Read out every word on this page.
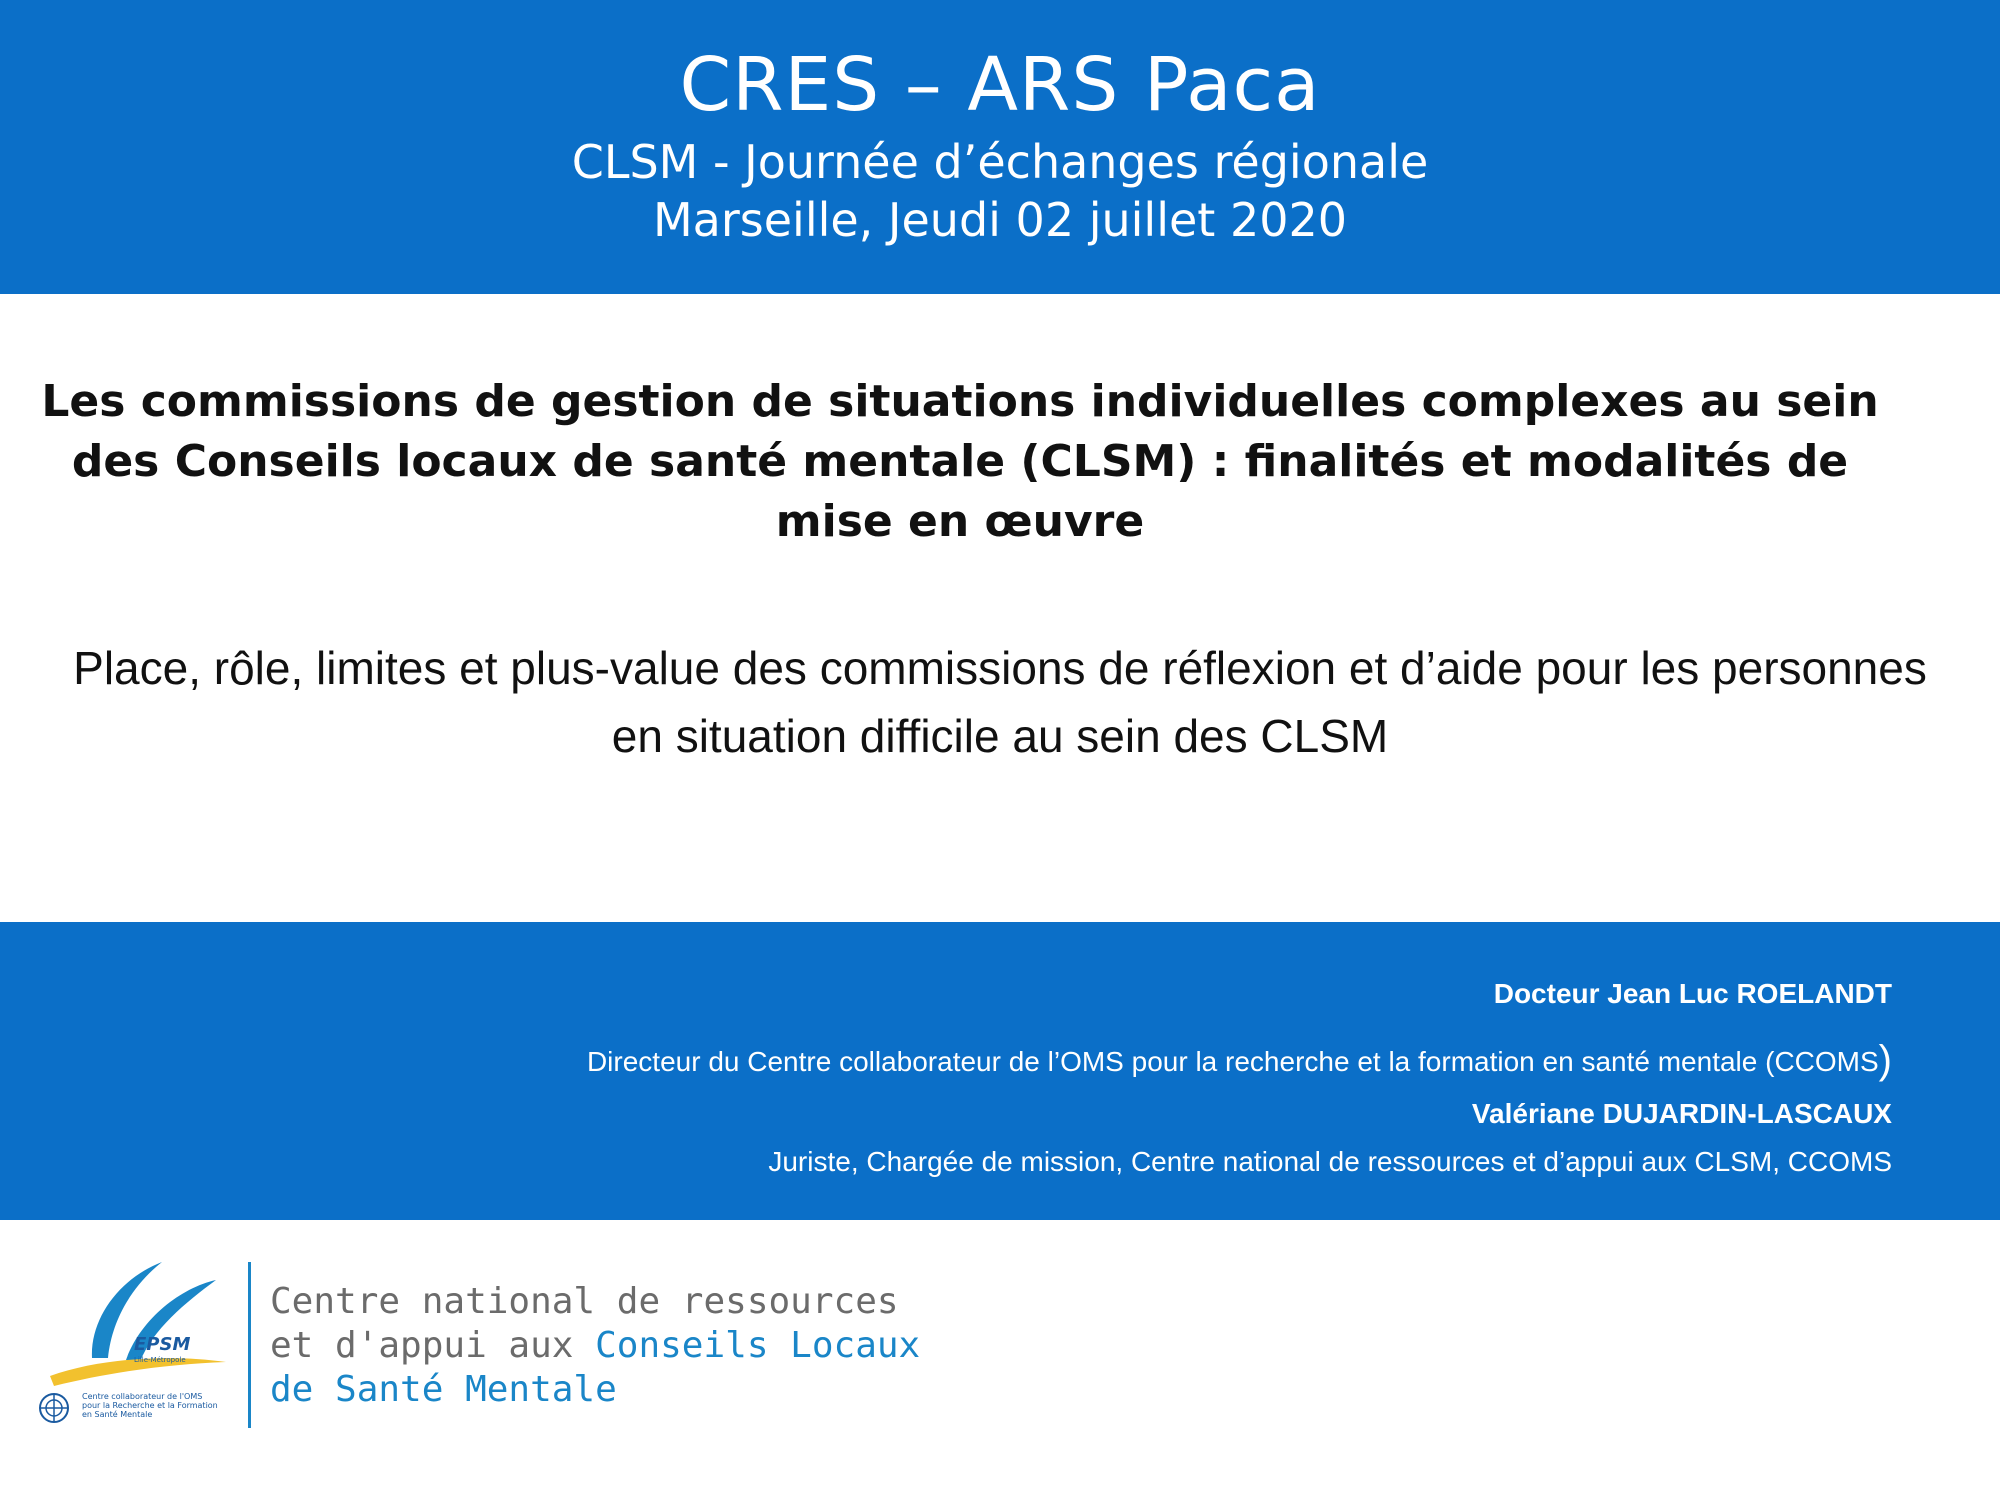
CRES – ARS Paca
CLSM - Journée d’échanges régionale
Marseille, Jeudi 02 juillet 2020
Les commissions de gestion de situations individuelles complexes au sein des Conseils locaux de santé mentale (CLSM) : finalités et modalités de mise en œuvre
Place, rôle, limites et plus-value des commissions de réflexion et d’aide pour les personnes en situation difficile au sein des CLSM
Docteur Jean Luc ROELANDT
Directeur du Centre collaborateur de l’OMS pour la recherche et la formation en santé mentale (CCOMS)
Valériane DUJARDIN-LASCAUX
Juriste, Chargée de mission, Centre national de ressources et d’appui aux CLSM, CCOMS
EPSM
Lille-Métropole
Centre collaborateur de l'OMS pour la Recherche et la Formation en Santé Mentale
Centre national de ressources
et d'appui aux Conseils Locaux
de Santé Mentale
